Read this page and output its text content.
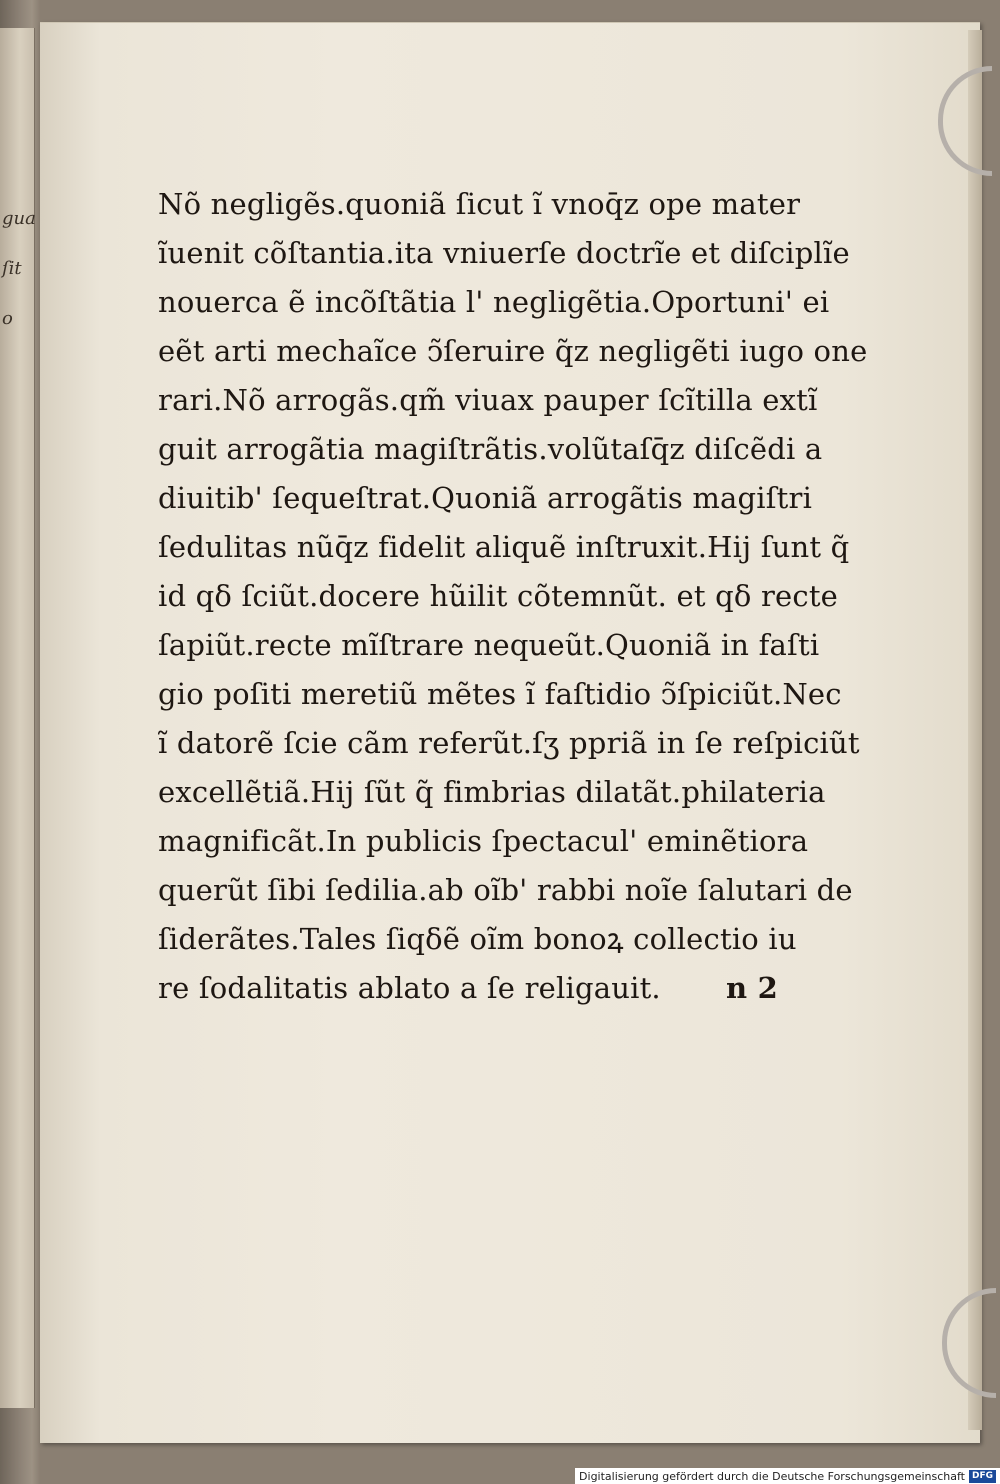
gua
ſit
o
Nõ negligẽs.quoniã ſicut ĩ vnoq̄z ope mater
ĩuenit cõſtantia.ita vniuerſe doctrĩe et diſciplĩe
nouerca ẽ incõſtãtia l' negligẽtia.Oportuni' ei
eẽt arti mechaĩce ↄ̃ſeruire q̃z negligẽti iugo one
rari.Nõ arrogãs.qm̃ viuax pauper ſcĩtilla extĩ
guit arrogãtia magiſtrãtis.volũtaſq̄z diſcẽdi a
diuitib' ſequeſtrat.Quoniã arrogãtis magiſtri
ſedulitas nũq̄z fidelit aliquẽ inſtruxit.Hij ſunt q̃
id qδ ſciũt.docere hũilit cõtemnũt. et qδ recte
ſapiũt.recte mĩſtrare nequeũt.Quoniã in faſti
gio poſiti meretiũ mẽtes ĩ faſtidio ↄ̃ſpiciũt.Nec
ĩ datorẽ ſcie cãm referũt.ſʒ ppriã in ſe reſpiciũt
excellẽtiã.Hij ſũt q̃ fimbrias dilatãt.philateria
magnificãt.In publicis ſpectacul' eminẽtiora
querũt ſibi ſedilia.ab oĩb' rabbi noĩe ſalutari de
ſiderãtes.Tales ſiqδẽ oĩm bonoꝝ collectio iu
re ſodalitatis ablato a ſe religauit. n 2
Digitalisierung gefördert durch die Deutsche Forschungsgemeinschaft DFG
